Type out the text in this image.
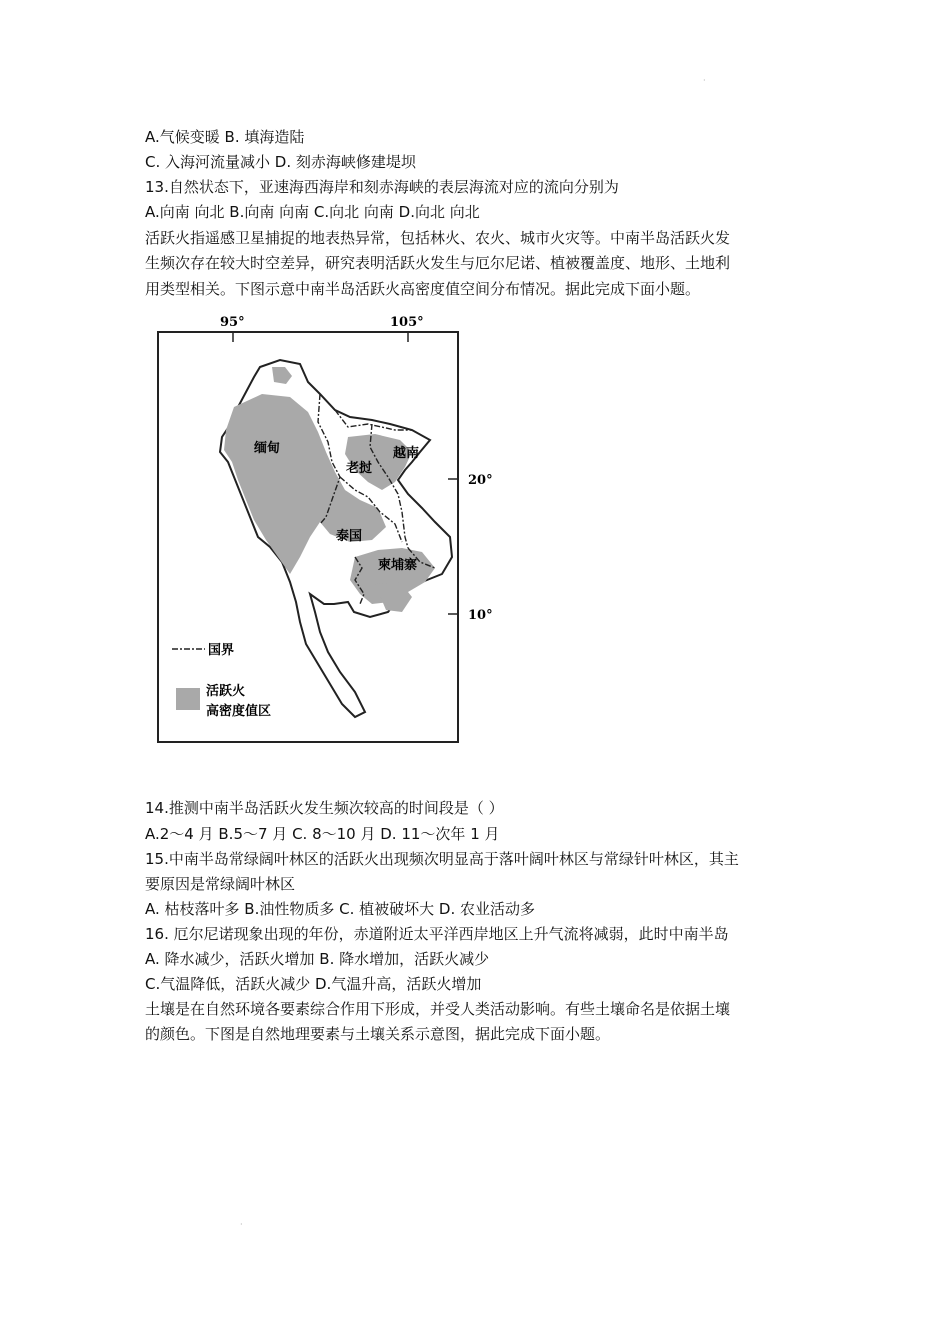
·
A.气候变暖 B. 填海造陆
C. 入海河流量减小 D. 刻赤海峡修建堤坝
13.自然状态下，亚速海西海岸和刻赤海峡的表层海流对应的流向分别为
A.向南 向北 B.向南 向南 C.向北 向南 D.向北 向北
活跃火指遥感卫星捕捉的地表热异常，包括林火、农火、城市火灾等。中南半岛活跃火发
生频次存在较大时空差异，研究表明活跃火发生与厄尔尼诺、植被覆盖度、地形、土地利
用类型相关。下图示意中南半岛活跃火高密度值空间分布情况。据此完成下面小题。
95°	105°
20°
10°
缅甸
老挝
越南
泰国
柬埔寨
国界
活跃火
高密度值区
14.推测中南半岛活跃火发生频次较高的时间段是（ ）
A.2～4 月 B.5～7 月 C. 8～10 月 D. 11～次年 1 月
15.中南半岛常绿阔叶林区的活跃火出现频次明显高于落叶阔叶林区与常绿针叶林区，其主
要原因是常绿阔叶林区
A. 枯枝落叶多 B.油性物质多 C. 植被破坏大 D. 农业活动多
16. 厄尔尼诺现象出现的年份，赤道附近太平洋西岸地区上升气流将减弱，此时中南半岛
A. 降水减少，活跃火增加 B. 降水增加，活跃火减少
C.气温降低，活跃火减少 D.气温升高，活跃火增加
土壤是在自然环境各要素综合作用下形成，并受人类活动影响。有些土壤命名是依据土壤
的颜色。下图是自然地理要素与土壤关系示意图，据此完成下面小题。
·
